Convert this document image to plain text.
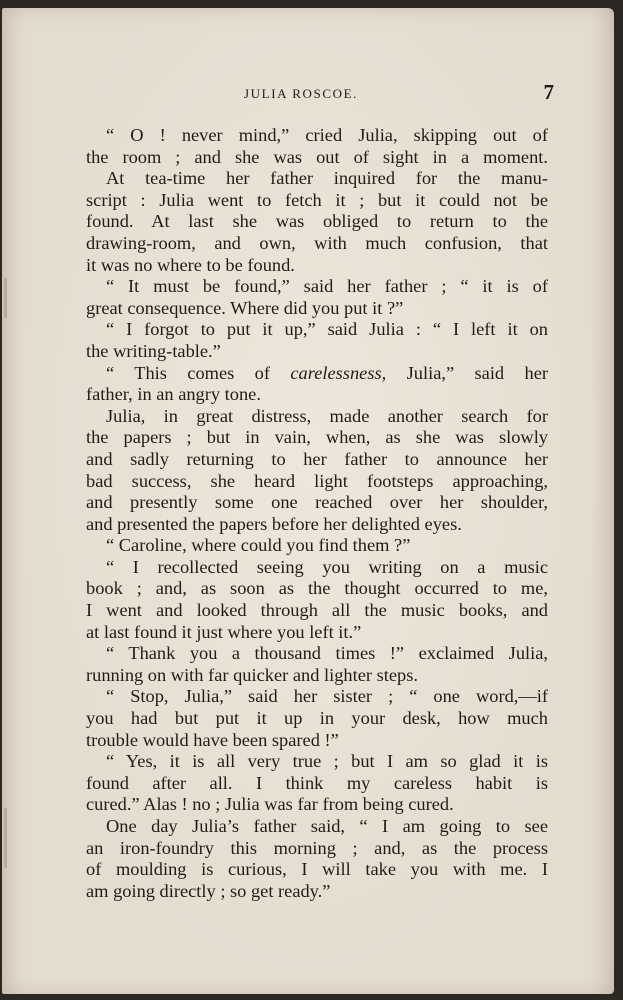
JULIA ROSCOE.	7
“ O ! never mind,” cried Julia, skipping out of
the room ; and she was out of sight in a moment.
At tea-time her father inquired for the manu-
script : Julia went to fetch it ; but it could not be
found. At last she was obliged to return to the
drawing-room, and own, with much confusion, that
it was no where to be found.
“ It must be found,” said her father ; “ it is of
great consequence. Where did you put it ?”
“ I forgot to put it up,” said Julia : “ I left it on
the writing-table.”
“ This comes of carelessness, Julia,” said her
father, in an angry tone.
Julia, in great distress, made another search for
the papers ; but in vain, when, as she was slowly
and sadly returning to her father to announce her
bad success, she heard light footsteps approaching,
and presently some one reached over her shoulder,
and presented the papers before her delighted eyes.
“ Caroline, where could you find them ?”
“ I recollected seeing you writing on a music
book ; and, as soon as the thought occurred to me,
I went and looked through all the music books, and
at last found it just where you left it.”
“ Thank you a thousand times !” exclaimed Julia,
running on with far quicker and lighter steps.
“ Stop, Julia,” said her sister ; “ one word,—if
you had but put it up in your desk, how much
trouble would have been spared !”
“ Yes, it is all very true ; but I am so glad it is
found after all. I think my careless habit is
cured.” Alas ! no ; Julia was far from being cured.
One day Julia’s father said, “ I am going to see
an iron-foundry this morning ; and, as the process
of moulding is curious, I will take you with me. I
am going directly ; so get ready.”
